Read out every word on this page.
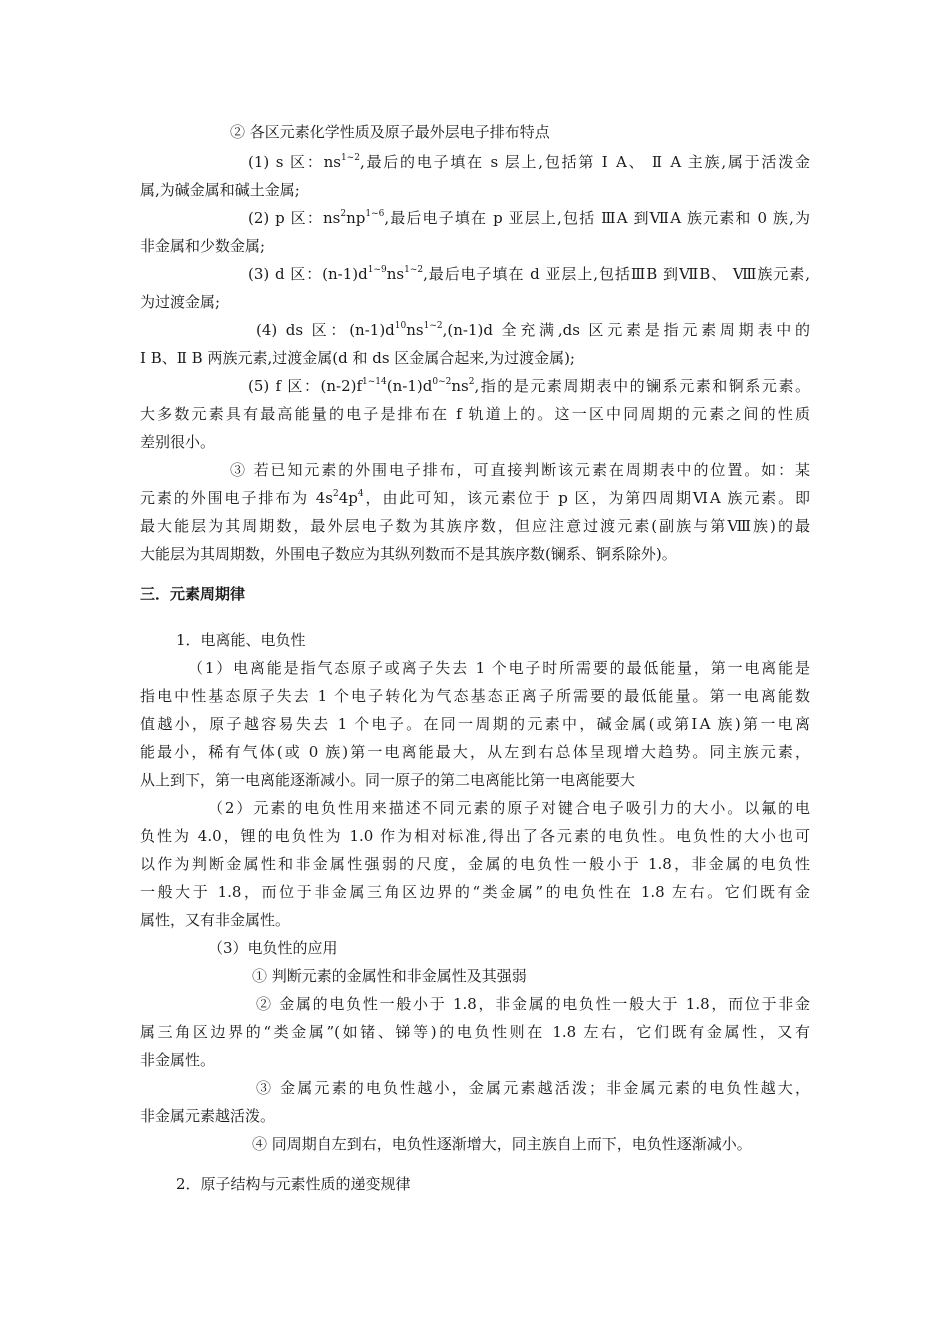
② 各区元素化学性质及原子最外层电子排布特点
(1) s 区：$ns^{1\sim 2}$,最后的电子填在 s 层上,包括第 Ⅰ A、 Ⅱ A 主族,属于活泼金
属,为碱金属和碱土金属;
(2) p 区：$ns^2np^{1\sim 6}$,最后电子填在 p 亚层上,包括 ⅢA 到ⅦA 族元素和 0 族,为
非金属和少数金属;
(3) d 区：$(n-1)d^{1\sim 9}ns^{1\sim 2}$,最后电子填在 d 亚层上,包括ⅢB 到ⅦB、 Ⅷ族元素,
为过渡金属;
(4) ds 区：$(n-1)d^{10}ns^{1\sim 2},(n-1)d$ 全充满,ds 区元素是指元素周期表中的
Ⅰ B、Ⅱ B 两族元素,过渡金属(d 和 ds 区金属合起来,为过渡金属);
(5) f 区：$(n-2)f^{1\sim 14}(n-1)d^{0\sim 2}ns^2$,指的是元素周期表中的镧系元素和锕系元素。
大多数元素具有最高能量的电子是排布在 f 轨道上的。这一区中同周期的元素之间的性质
差别很小。
③ 若已知元素的外围电子排布，可直接判断该元素在周期表中的位置。如：某
元素的外围电子排布为 $4s^24p^4$，由此可知，该元素位于 p 区，为第四周期ⅥA 族元素。即
最大能层为其周期数，最外层电子数为其族序数，但应注意过渡元素(副族与第Ⅷ族)的最
大能层为其周期数，外围电子数应为其纵列数而不是其族序数(镧系、锕系除外)。
三．元素周期律
1．电离能、电负性
（1）电离能是指气态原子或离子失去 1 个电子时所需要的最低能量，第一电离能是
指电中性基态原子失去 1 个电子转化为气态基态正离子所需要的最低能量。第一电离能数
值越小，原子越容易失去 1 个电子。在同一周期的元素中，碱金属(或第ⅠA 族)第一电离
能最小，稀有气体(或 0 族)第一电离能最大，从左到右总体呈现增大趋势。同主族元素，
从上到下，第一电离能逐渐减小。同一原子的第二电离能比第一电离能要大
（2）元素的电负性用来描述不同元素的原子对键合电子吸引力的大小。以氟的电
负性为 4.0，锂的电负性为 1.0 作为相对标准,得出了各元素的电负性。电负性的大小也可
以作为判断金属性和非金属性强弱的尺度，金属的电负性一般小于 1.8，非金属的电负性
一般大于 1.8，而位于非金属三角区边界的“类金属”的电负性在 1.8 左右。它们既有金
属性，又有非金属性。
（3）电负性的应用
① 判断元素的金属性和非金属性及其强弱
② 金属的电负性一般小于 1.8，非金属的电负性一般大于 1.8，而位于非金
属三角区边界的“类金属”(如锗、锑等)的电负性则在 1.8 左右，它们既有金属性，又有
非金属性。
③ 金属元素的电负性越小，金属元素越活泼；非金属元素的电负性越大，
非金属元素越活泼。
④ 同周期自左到右，电负性逐渐增大，同主族自上而下，电负性逐渐减小。
2．原子结构与元素性质的递变规律
